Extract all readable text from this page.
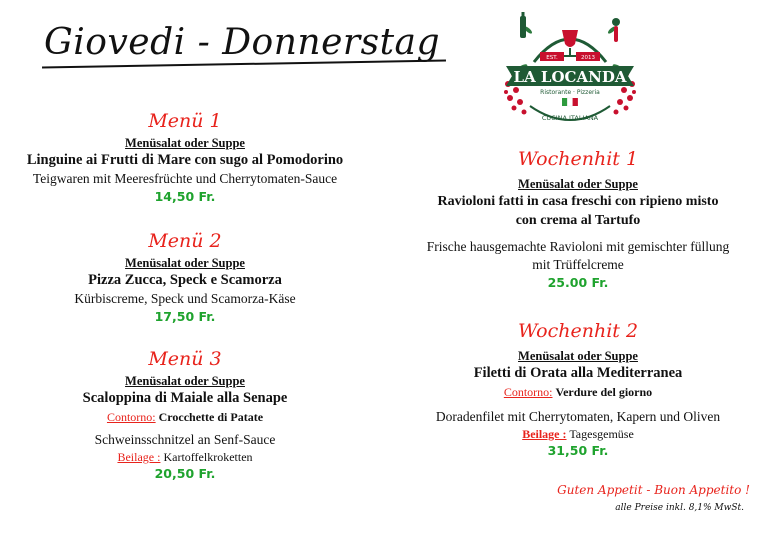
Giovedi - Donnerstag	EST.	2013
LA LOCANDA
Ristorante · Pizzeria
CUCINA ITALIANA
Menü 1
Menüsalat oder Suppe
Linguine ai Frutti di Mare con sugo al Pomodorino
Teigwaren mit Meeresfrüchte und Cherrytomaten-Sauce
14,50 Fr.
Menü 2
Menüsalat oder Suppe
Pizza Zucca, Speck e Scamorza
Kürbiscreme, Speck und Scamorza-Käse
17,50 Fr.
Menü 3
Menüsalat oder Suppe
Scaloppina di Maiale alla Senape
Contorno: Crocchette di Patate
Schweinsschnitzel an Senf-Sauce
Beilage : Kartoffelkroketten
20,50 Fr.
Wochenhit 1
Menüsalat oder Suppe
Ravioloni fatti in casa freschi con ripieno misto
con crema al Tartufo
Frische hausgemachte Ravioloni mit gemischter füllung
mit Trüffelcreme
25.00 Fr.
Wochenhit 2
Menüsalat oder Suppe
Filetti di Orata alla Mediterranea
Contorno: Verdure del giorno
Doradenfilet mit Cherrytomaten, Kapern und Oliven
Beilage : Tagesgemüse
31,50 Fr.
Guten Appetit - Buon Appetito !
alle Preise inkl. 8,1% MwSt.
